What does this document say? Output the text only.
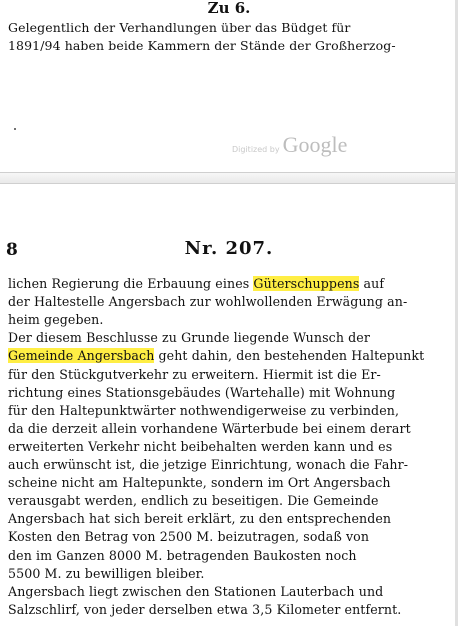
Zu 6.
Gelegentlich der Verhandlungen über das Büdget für
1891/94 haben beide Kammern der Stände der Großherzog-
Digitized by Google
8	Nr. 207.
lichen Regierung die Erbauung eines Güterschuppens auf
der Haltestelle Angersbach zur wohlwollenden Erwägung an-
heim gegeben.
Der diesem Beschlusse zu Grunde liegende Wunsch der
Gemeinde Angersbach geht dahin, den bestehenden Haltepunkt
für den Stückgutverkehr zu erweitern. Hiermit ist die Er-
richtung eines Stationsgebäudes (Wartehalle) mit Wohnung
für den Haltepunktwärter nothwendigerweise zu verbinden,
da die derzeit allein vorhandene Wärterbude bei einem derart
erweiterten Verkehr nicht beibehalten werden kann und es
auch erwünscht ist, die jetzige Einrichtung, wonach die Fahr-
scheine nicht am Haltepunkte, sondern im Ort Angersbach
verausgabt werden, endlich zu beseitigen. Die Gemeinde
Angersbach hat sich bereit erklärt, zu den entsprechenden
Kosten den Betrag von 2500 M. beizutragen, sodaß von
den im Ganzen 8000 M. betragenden Baukosten noch
5500 M. zu bewilligen bleiber.
Angersbach liegt zwischen den Stationen Lauterbach und
Salzschlirf, von jeder derselben etwa 3,5 Kilometer entfernt.
